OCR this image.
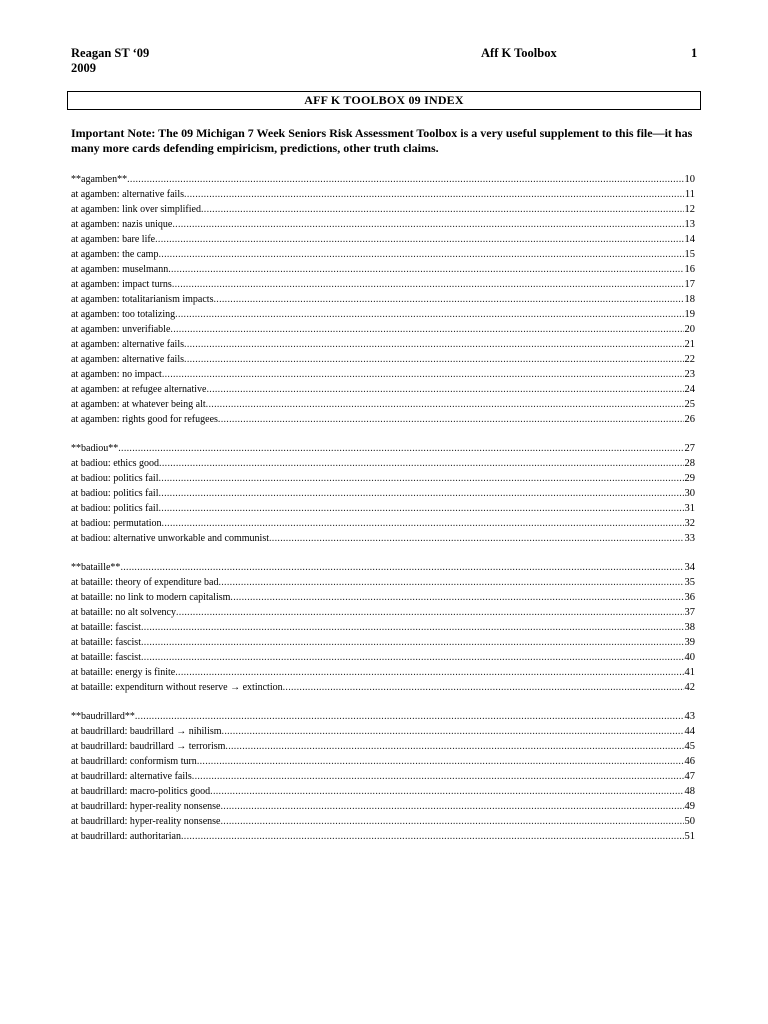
Reagan ST ‘09
2009
Aff K Toolbox	1
AFF K TOOLBOX 09 INDEX
Important Note: The 09 Michigan 7 Week Seniors Risk Assessment Toolbox is a very useful supplement to this file—it has many more cards defending empiricism, predictions, other truth claims.
**agamben** .....	10
at agamben: alternative fails .....	11
at agamben: link over simplified .....	12
at agamben: nazis unique .....	13
at agamben: bare life .....	14
at agamben: the camp .....	15
at agamben: muselmann .....	16
at agamben: impact turns .....	17
at agamben: totalitarianism impacts .....	18
at agamben: too totalizing .....	19
at agamben: unverifiable .....	20
at agamben: alternative fails .....	21
at agamben: alternative fails .....	22
at agamben: no impact .....	23
at agamben: at refugee alternative .....	24
at agamben: at whatever being alt .....	25
at agamben: rights good for refugees .....	26
**badiou** .....	27
at badiou: ethics good .....	28
at badiou: politics fail .....	29
at badiou: politics fail .....	30
at badiou: politics fail .....	31
at badiou: permutation .....	32
at badiou: alternative unworkable and communist .....	33
**bataille** .....	34
at bataille: theory of expenditure bad .....	35
at bataille: no link to modern capitalism .....	36
at bataille: no alt solvency .....	37
at bataille: fascist .....	38
at bataille: fascist .....	39
at bataille: fascist .....	40
at bataille: energy is finite .....	41
at bataille: expenditurn without reserve → extinction .....	42
**baudrillard** .....	43
at baudrillard: baudrillard → nihilism .....	44
at baudrillard: baudrillard → terrorism .....	45
at baudrillard: conformism turn .....	46
at baudrillard: alternative fails .....	47
at baudrillard: macro-politics good .....	48
at baudrillard: hyper-reality nonsense .....	49
at baudrillard: hyper-reality nonsense .....	50
at baudrillard: authoritarian .....	51
